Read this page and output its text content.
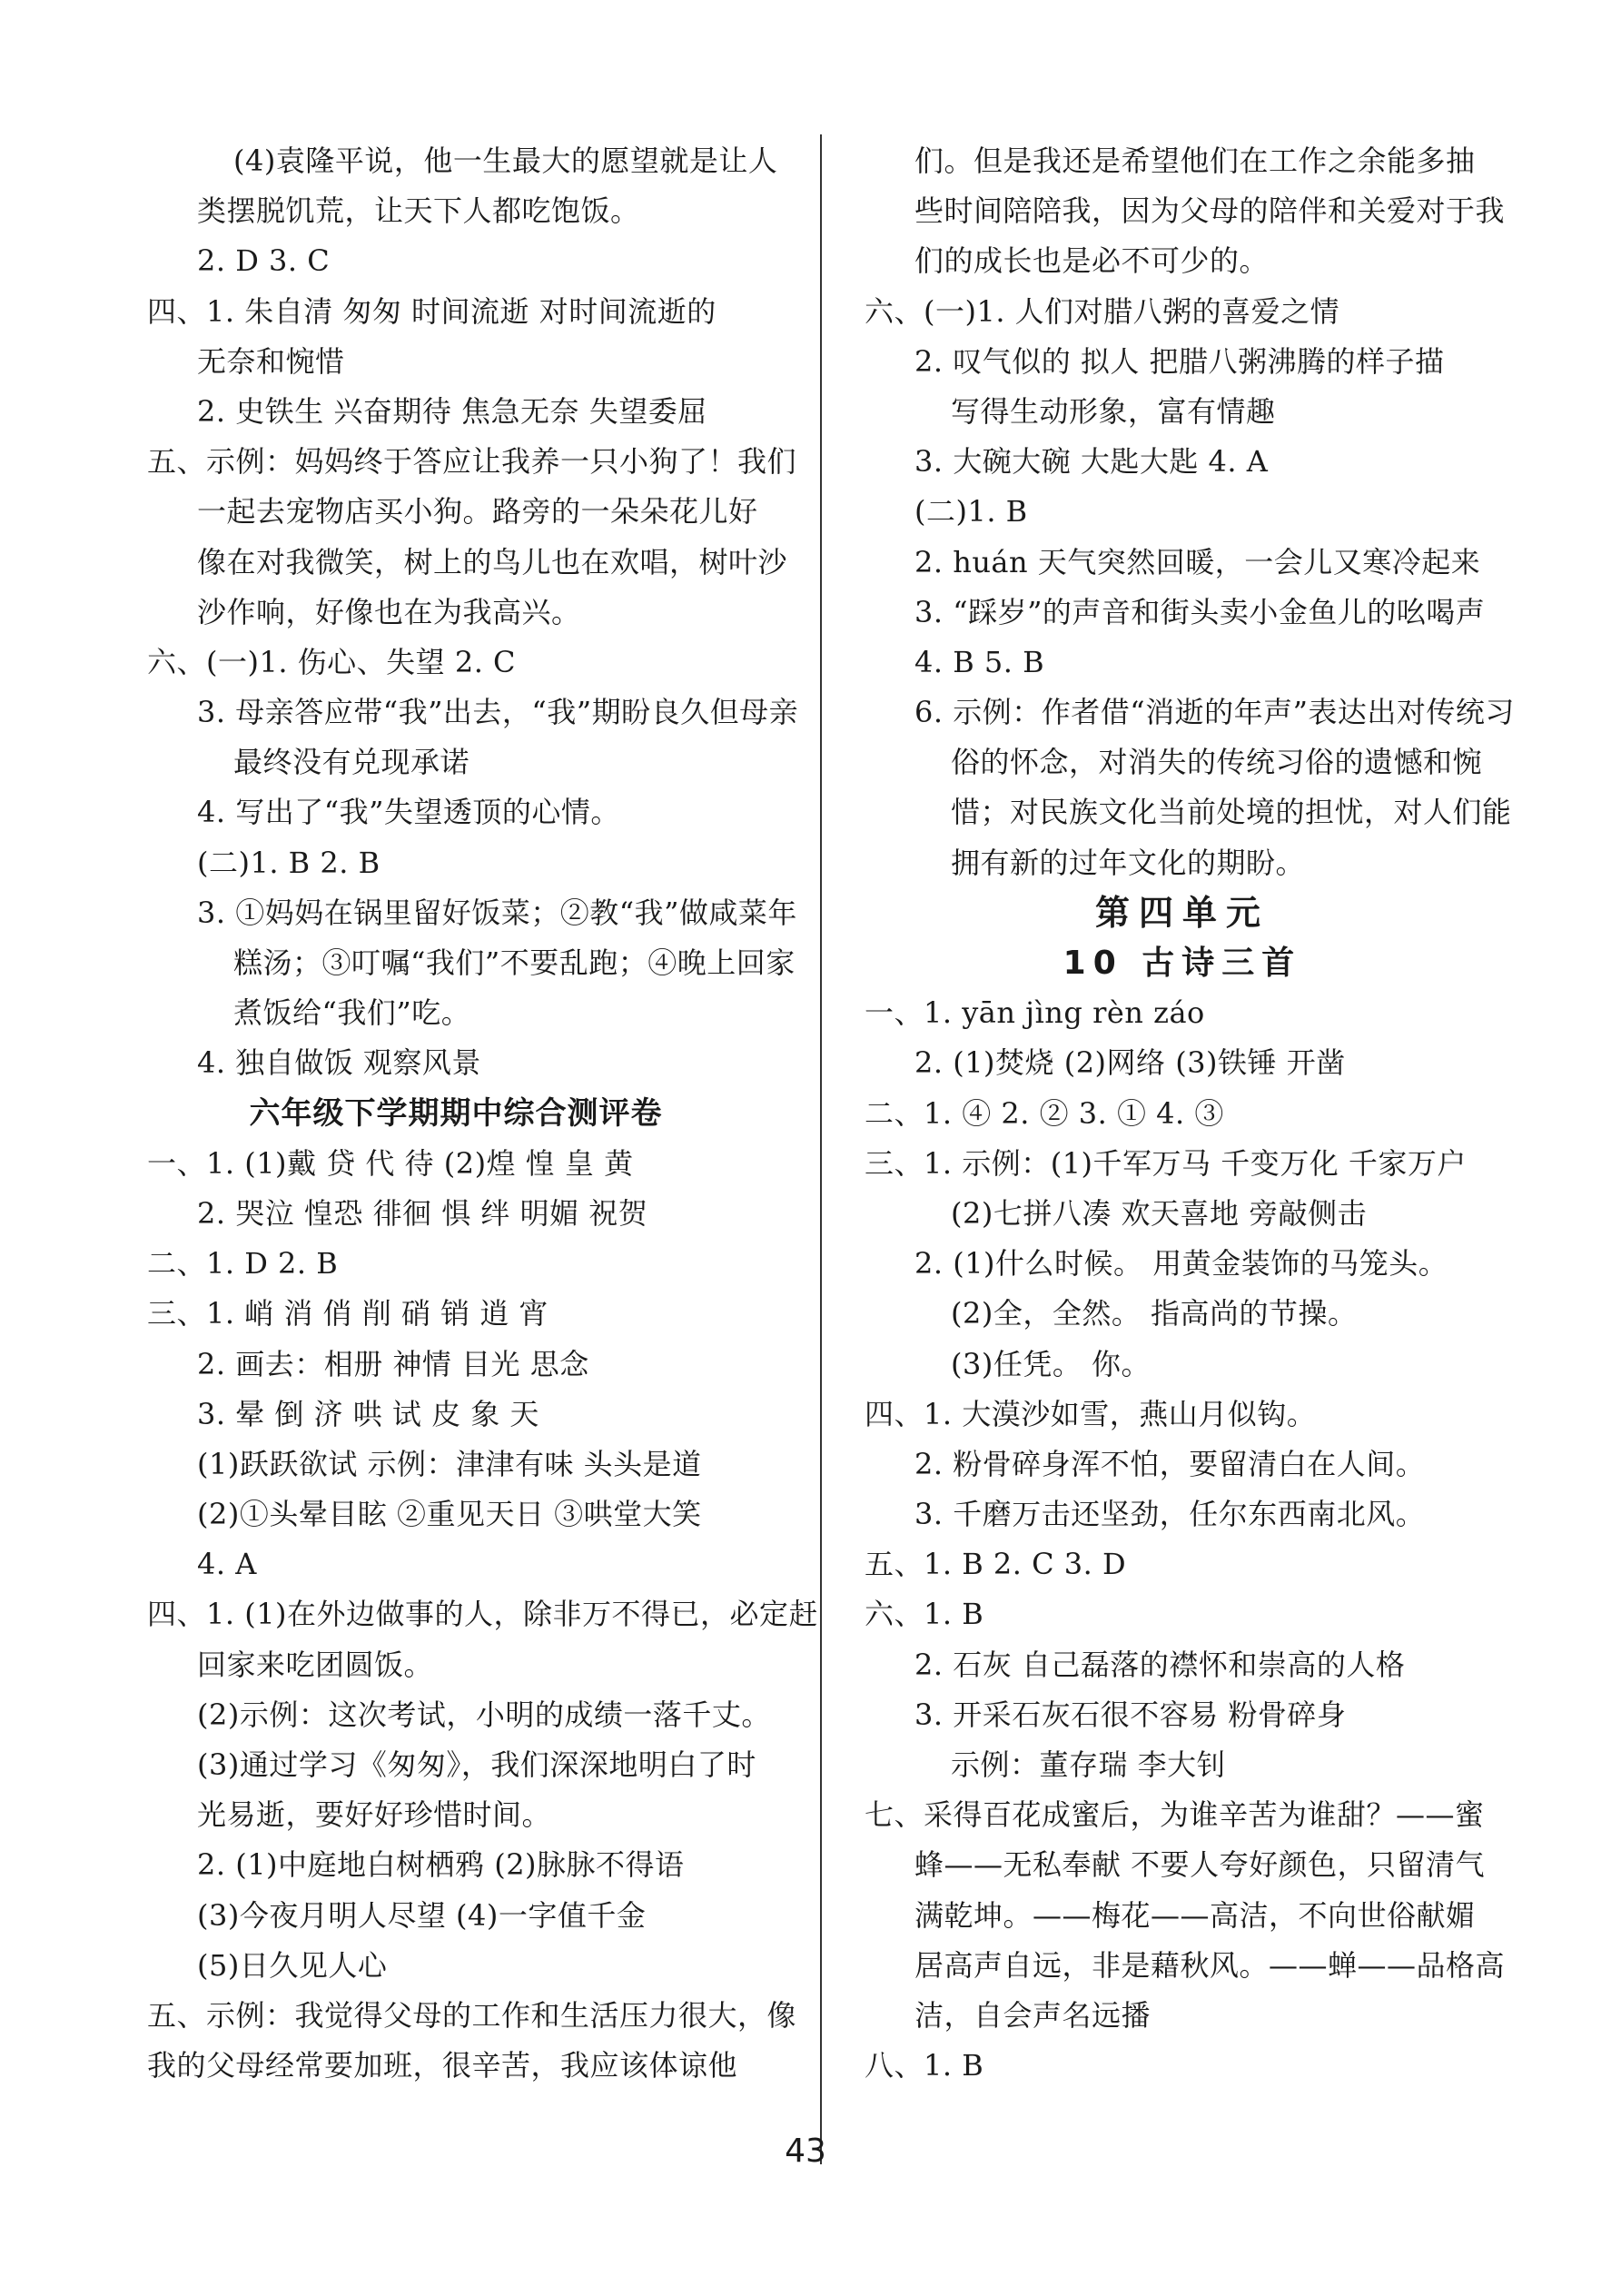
(4)袁隆平说，他一生最大的愿望就是让人
类摆脱饥荒，让天下人都吃饱饭。
2. D 3. C
四、1. 朱自清 匆匆 时间流逝 对时间流逝的
无奈和惋惜
2. 史铁生 兴奋期待 焦急无奈 失望委屈
五、示例：妈妈终于答应让我养一只小狗了！我们
一起去宠物店买小狗。路旁的一朵朵花儿好
像在对我微笑，树上的鸟儿也在欢唱，树叶沙
沙作响，好像也在为我高兴。
六、(一)1. 伤心、失望 2. C
3. 母亲答应带“我”出去，“我”期盼良久但母亲
最终没有兑现承诺
4. 写出了“我”失望透顶的心情。
(二)1. B 2. B
3. ①妈妈在锅里留好饭菜；②教“我”做咸菜年
糕汤；③叮嘱“我们”不要乱跑；④晚上回家
煮饭给“我们”吃。
4. 独自做饭 观察风景
六年级下学期期中综合测评卷
一、1. (1)戴 贷 代 待 (2)煌 惶 皇 黄
2. 哭泣 惶恐 徘徊 惧 绊 明媚 祝贺
二、1. D 2. B
三、1. 峭 消 俏 削 硝 销 逍 宵
2. 画去：相册 神情 目光 思念
3. 晕 倒 济 哄 试 皮 象 天
(1)跃跃欲试 示例：津津有味 头头是道
(2)①头晕目眩 ②重见天日 ③哄堂大笑
4. A
四、1. (1)在外边做事的人，除非万不得已，必定赶
回家来吃团圆饭。
(2)示例：这次考试，小明的成绩一落千丈。
(3)通过学习《匆匆》，我们深深地明白了时
光易逝，要好好珍惜时间。
2. (1)中庭地白树栖鸦 (2)脉脉不得语
(3)今夜月明人尽望 (4)一字值千金
(5)日久见人心
五、示例：我觉得父母的工作和生活压力很大，像
我的父母经常要加班，很辛苦，我应该体谅他
们。但是我还是希望他们在工作之余能多抽
些时间陪陪我，因为父母的陪伴和关爱对于我
们的成长也是必不可少的。
六、(一)1. 人们对腊八粥的喜爱之情
2. 叹气似的 拟人 把腊八粥沸腾的样子描
写得生动形象，富有情趣
3. 大碗大碗 大匙大匙 4. A
(二)1. B
2. huán 天气突然回暖，一会儿又寒冷起来
3. “踩岁”的声音和街头卖小金鱼儿的吆喝声
4. B 5. B
6. 示例：作者借“消逝的年声”表达出对传统习
俗的怀念，对消失的传统习俗的遗憾和惋
惜；对民族文化当前处境的担忧，对人们能
拥有新的过年文化的期盼。
第四单元
10 古诗三首
一、1. yān jìng rèn záo
2. (1)焚烧 (2)网络 (3)铁锤 开凿
二、1. ④ 2. ② 3. ① 4. ③
三、1. 示例：(1)千军万马 千变万化 千家万户
(2)七拼八凑 欢天喜地 旁敲侧击
2. (1)什么时候。 用黄金装饰的马笼头。
(2)全，全然。 指高尚的节操。
(3)任凭。 你。
四、1. 大漠沙如雪，燕山月似钩。
2. 粉骨碎身浑不怕，要留清白在人间。
3. 千磨万击还坚劲，任尔东西南北风。
五、1. B 2. C 3. D
六、1. B
2. 石灰 自己磊落的襟怀和崇高的人格
3. 开采石灰石很不容易 粉骨碎身
示例：董存瑞 李大钊
七、采得百花成蜜后，为谁辛苦为谁甜？——蜜
蜂——无私奉献 不要人夸好颜色，只留清气
满乾坤。——梅花——高洁，不向世俗献媚
居高声自远，非是藉秋风。——蝉——品格高
洁，自会声名远播
八、1. B
43
